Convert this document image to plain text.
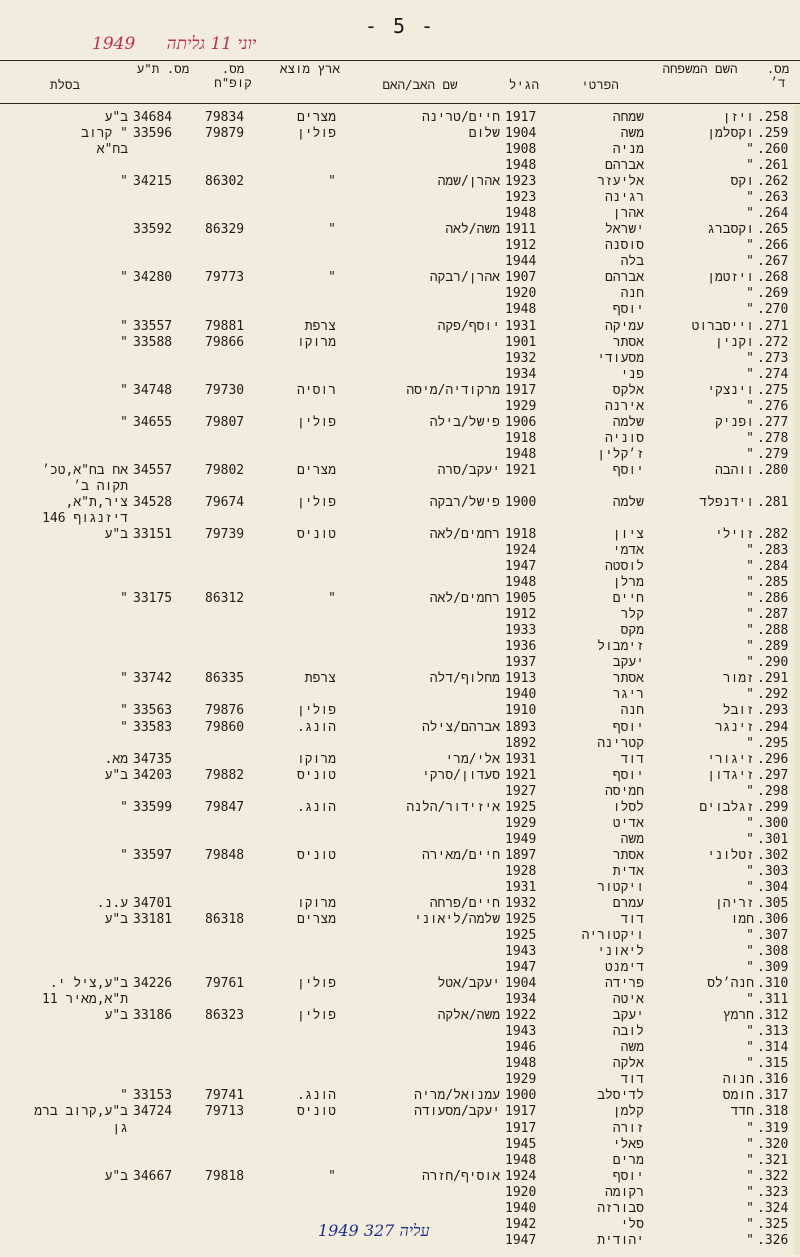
- 5 -
1949 יוני 11 גליתה
מס. ד׳
השם המשפחה
הפרטי
הגיל
שם האב/האם
ארץ מוצא
מס. קופ"ח
מס. ת"ע
בסלת
.258
ויזן
שמחה
1917
חיים/טרינה
מצרים
79834
34684
ב"ע
.259
וקסלמן
משה
1904
שלום
פולין
79879
33596
" קרוב
.260
"
מניה
1908
בח"א
.261
"
אברהם
1948
.262
וקס
אליעזר
1923
אהרן/שמה
"
86302
34215
"
.263
"
רגינה
1923
.264
"
אהרן
1948
.265
וקסברג
ישראל
1911
משה/לאה
"
86329
33592
.266
"
סוסנה
1912
.267
"
בלה
1944
.268
ויזטמן
אברהם
1907
אהרן/רבקה
"
79773
34280
"
.269
"
חנה
1920
.270
"
יוסף
1948
.271
וייסברוט
עמיקה
1931
יוסף/פקה
צרפת
79881
33557
"
.272
וקנין
אסתר
1901
מרוקו
79866
33588
"
.273
"
מסעודי
1932
.274
"
פני
1934
.275
וינצקי
אלקס
1917
מרקודיה/מיסה
רוסיה
79730
34748
"
.276
"
אירנה
1929
.277
ופניק
שלמה
1906
פישל/בילה
פולין
79807
34655
"
.278
"
סוניה
1918
.279
"
ז׳קלין
1948
.280
ווהבה
יוסף
1921
יעקב/סרה
מצרים
79802
34557
אח בח"א,טכ׳
תקוה ב׳
.281
וידנפלד
שלמה
1900
פישל/רבקה
פולין
79674
34528
ציר,ת"א,
דיזנגוף 146
.282
זוילי
ציון
1918
רחמים/לאה
טוניס
79739
33151
ב"ע
.283
"
אדמי
1924
.284
"
לוסטה
1947
.285
"
מרלן
1948
.286
"
חיים
1905
רחמים/לאה
"
86312
33175
"
.287
"
קלר
1912
.288
"
מקס
1933
.289
"
זימבול
1936
.290
"
יעקב
1937
.291
זמור
אסתר
1913
מחלוף/דלה
צרפת
86335
33742
"
.292
"
ריגר
1940
.293
זובל
חנה
1910
פולין
79876
33563
"
.294
זינגר
יוסף
1893
אברהם/צילה
הונג.
79860
33583
"
.295
"
קטרינה
1892
.296
זיגורי
דוד
1931
אלי/מרי
מרוקו
34735
מא.
.297
זיגדון
יוסף
1921
סעדון/סרקי
טוניס
79882
34203
ב"ע
.298
"
חמיסה
1927
.299
זגלבוים
לסלו
1925
איזידור/הלנה
הונג.
79847
33599
"
.300
"
אדיט
1929
.301
"
משה
1949
.302
זטלוני
אסתר
1897
חיים/מאירה
טוניס
79848
33597
"
.303
"
אדית
1928
.304
"
ויקטור
1931
.305
זריהן
עמרם
1932
חיים/פרחה
מרוקו
34701
ע.נ.
.306
חמו
דוד
1925
שלמה/ליאוני
מצרים
86318
33181
ב"ע
.307
"
ויקטוריה
1925
.308
"
ליאוני
1943
.309
"
דימנט
1947
.310
חנה׳לס
פרידה
1904
יעקב/אטל
פולין
79761
34226
ב"ע,ציל י.
.311
"
איטה
1934
ת"א,מאיר 11
.312
חרמץ
יעקב
1922
משה/אלקה
פולין
86323
33186
ב"ע
.313
"
לובה
1943
.314
"
משה
1946
.315
"
אלקה
1948
.316
חנוה
דוד
1929
.317
חומס
לדיסלב
1900
עמנואל/מריה
הונג.
79741
33153
"
.318
חדד
קלמן
1917
יעקב/מסעודה
טוניס
79713
34724
ב"ע,קרוב ברמ
.319
"
זורה
1917
גן
.320
"
פאלי
1945
.321
"
מרים
1948
.322
"
יוסף
1924
אוסיף/חזרה
"
79818
34667
ב"ע
.323
"
רקומה
1920
.324
"
סבורזה
1940
.325
"
סלי
1942
.326
"
יהודית
1947
1949 עליה 327
